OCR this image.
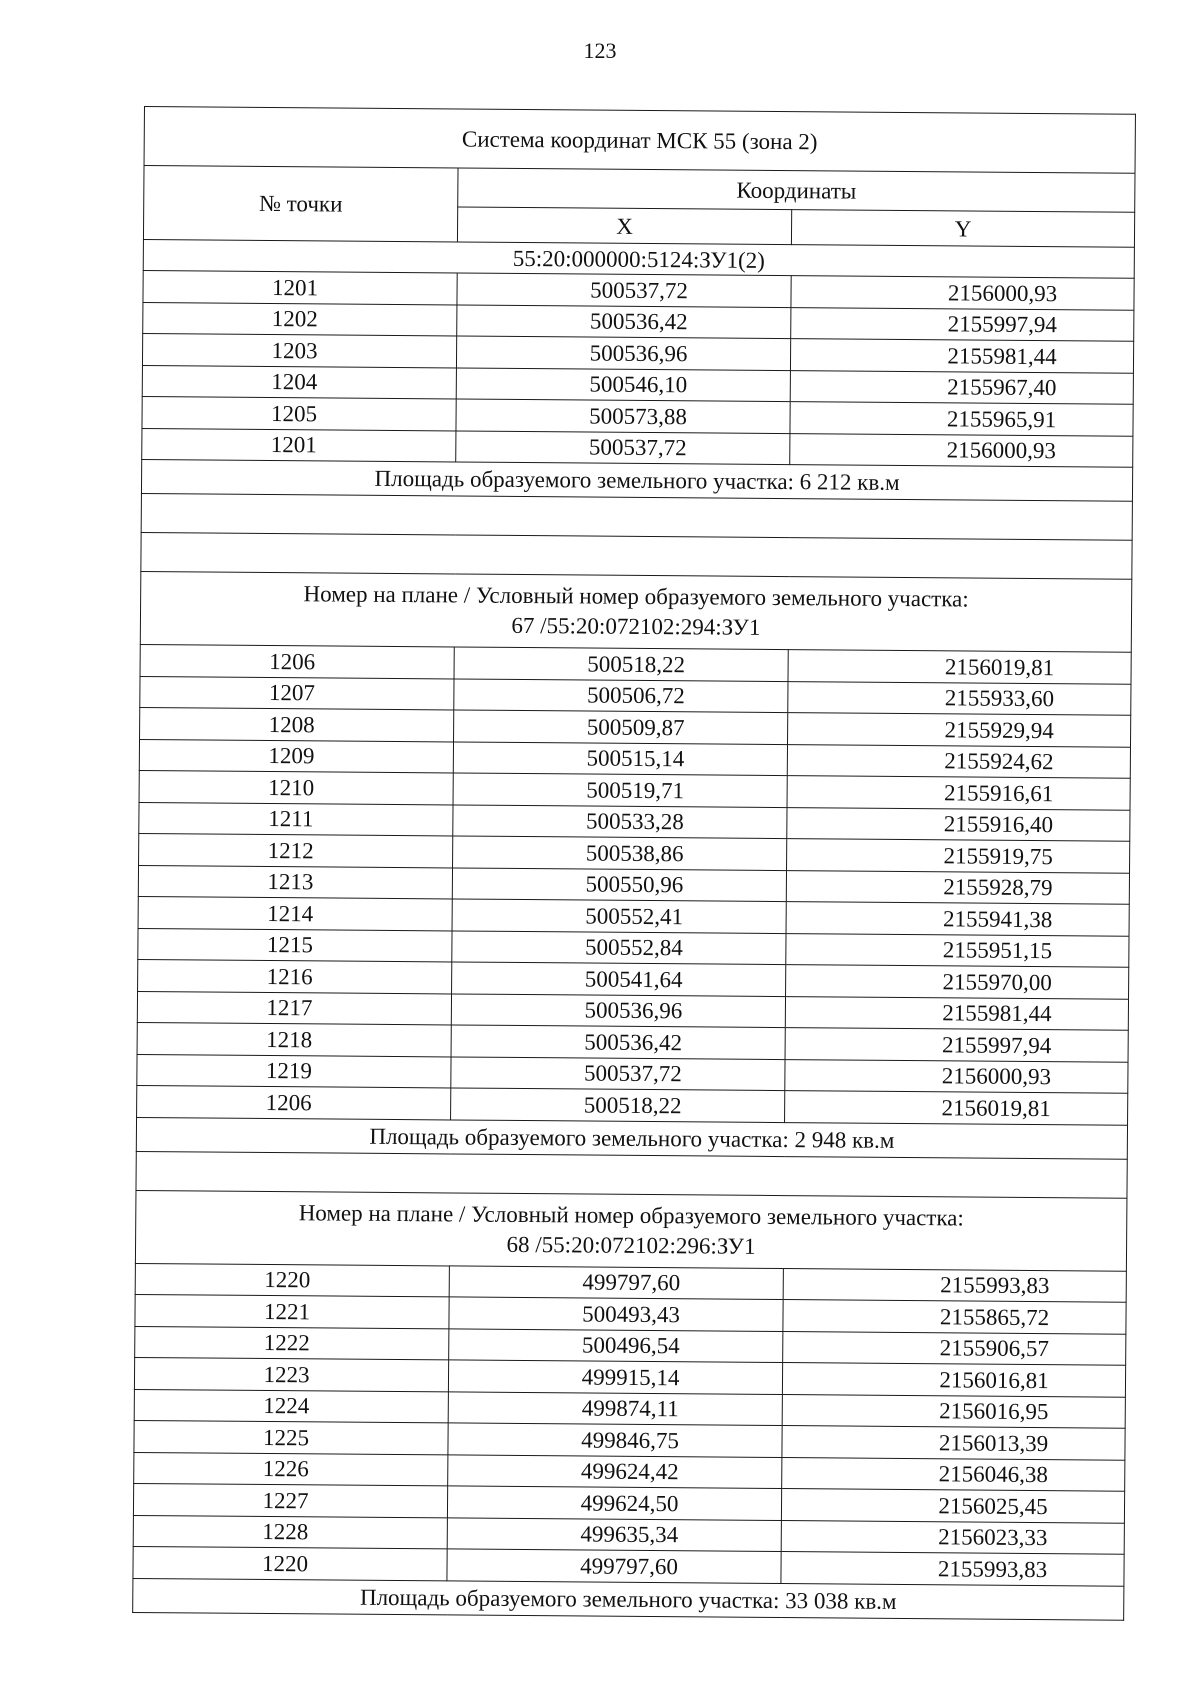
123
Система координат МСК 55 (зона 2)		
№ точки	Координаты	
	X	Y
55:20:000000:5124:ЗУ1(2)		
1201	500537,72	2156000,93
1202	500536,42	2155997,94
1203	500536,96	2155981,44
1204	500546,10	2155967,40
1205	500573,88	2155965,91
1201	500537,72	2156000,93
Площадь образуемого земельного участка: 6 212 кв.м		

Номер на плане / Условный номер образуемого земельного участка:
67 /55:20:072102:294:ЗУ1		

1206	500518,22	2156019,81
1207	500506,72	2155933,60
1208	500509,87	2155929,94
1209	500515,14	2155924,62
1210	500519,71	2155916,61
1211	500533,28	2155916,40
1212	500538,86	2155919,75
1213	500550,96	2155928,79
1214	500552,41	2155941,38
1215	500552,84	2155951,15
1216	500541,64	2155970,00
1217	500536,96	2155981,44
1218	500536,42	2155997,94
1219	500537,72	2156000,93
1206	500518,22	2156019,81
Площадь образуемого земельного участка: 2 948 кв.м		

Номер на плане / Условный номер образуемого земельного участка:
68 /55:20:072102:296:ЗУ1		

1220	499797,60	2155993,83
1221	500493,43	2155865,72
1222	500496,54	2155906,57
1223	499915,14	2156016,81
1224	499874,11	2156016,95
1225	499846,75	2156013,39
1226	499624,42	2156046,38
1227	499624,50	2156025,45
1228	499635,34	2156023,33
1220	499797,60	2155993,83
Площадь образуемого земельного участка: 33 038 кв.м		
